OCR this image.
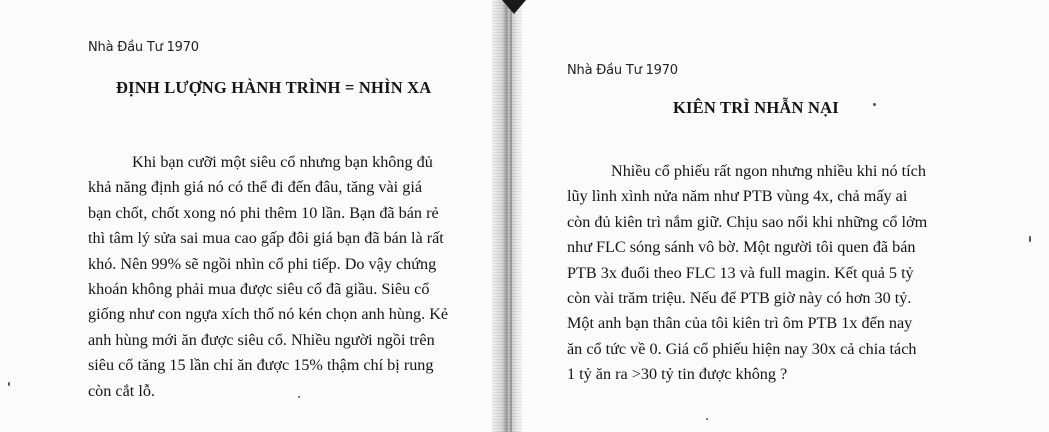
Nhà Đầu Tư 1970
ĐỊNH LƯỢNG HÀNH TRÌNH = NHÌN XA
Khi bạn cưỡi một siêu cổ nhưng bạn không đủ
khả năng định giá nó có thể đi đến đâu, tăng vài giá
bạn chốt, chốt xong nó phi thêm 10 lần. Bạn đã bán rẻ
thì tâm lý sửa sai mua cao gấp đôi giá bạn đã bán là rất
khó. Nên 99% sẽ ngồi nhìn cổ phi tiếp. Do vậy chứng
khoán không phải mua được siêu cổ đã giầu. Siêu cổ
giống như con ngựa xích thố nó kén chọn anh hùng. Kẻ
anh hùng mới ăn được siêu cổ. Nhiều người ngồi trên
siêu cổ tăng 15 lần chỉ ăn được 15% thậm chí bị rung
còn cắt lỗ.
Nhà Đầu Tư 1970
KIÊN TRÌ NHẪN NẠI
Nhiều cổ phiếu rất ngon nhưng nhiều khi nó tích
lũy lình xình nửa năm như PTB vùng 4x, chả mấy ai
còn đủ kiên trì nắm giữ. Chịu sao nổi khi những cổ lởm
như FLC sóng sánh vô bờ. Một người tôi quen đã bán
PTB 3x đuổi theo FLC 13 và full magin. Kết quả 5 tỷ
còn vài trăm triệu. Nếu để PTB giờ này có hơn 30 tỷ.
Một anh bạn thân của tôi kiên trì ôm PTB 1x đến nay
ăn cổ tức về 0. Giá cổ phiếu hiện nay 30x cả chia tách
1 tỷ ăn ra >30 tỷ tin được không ?
